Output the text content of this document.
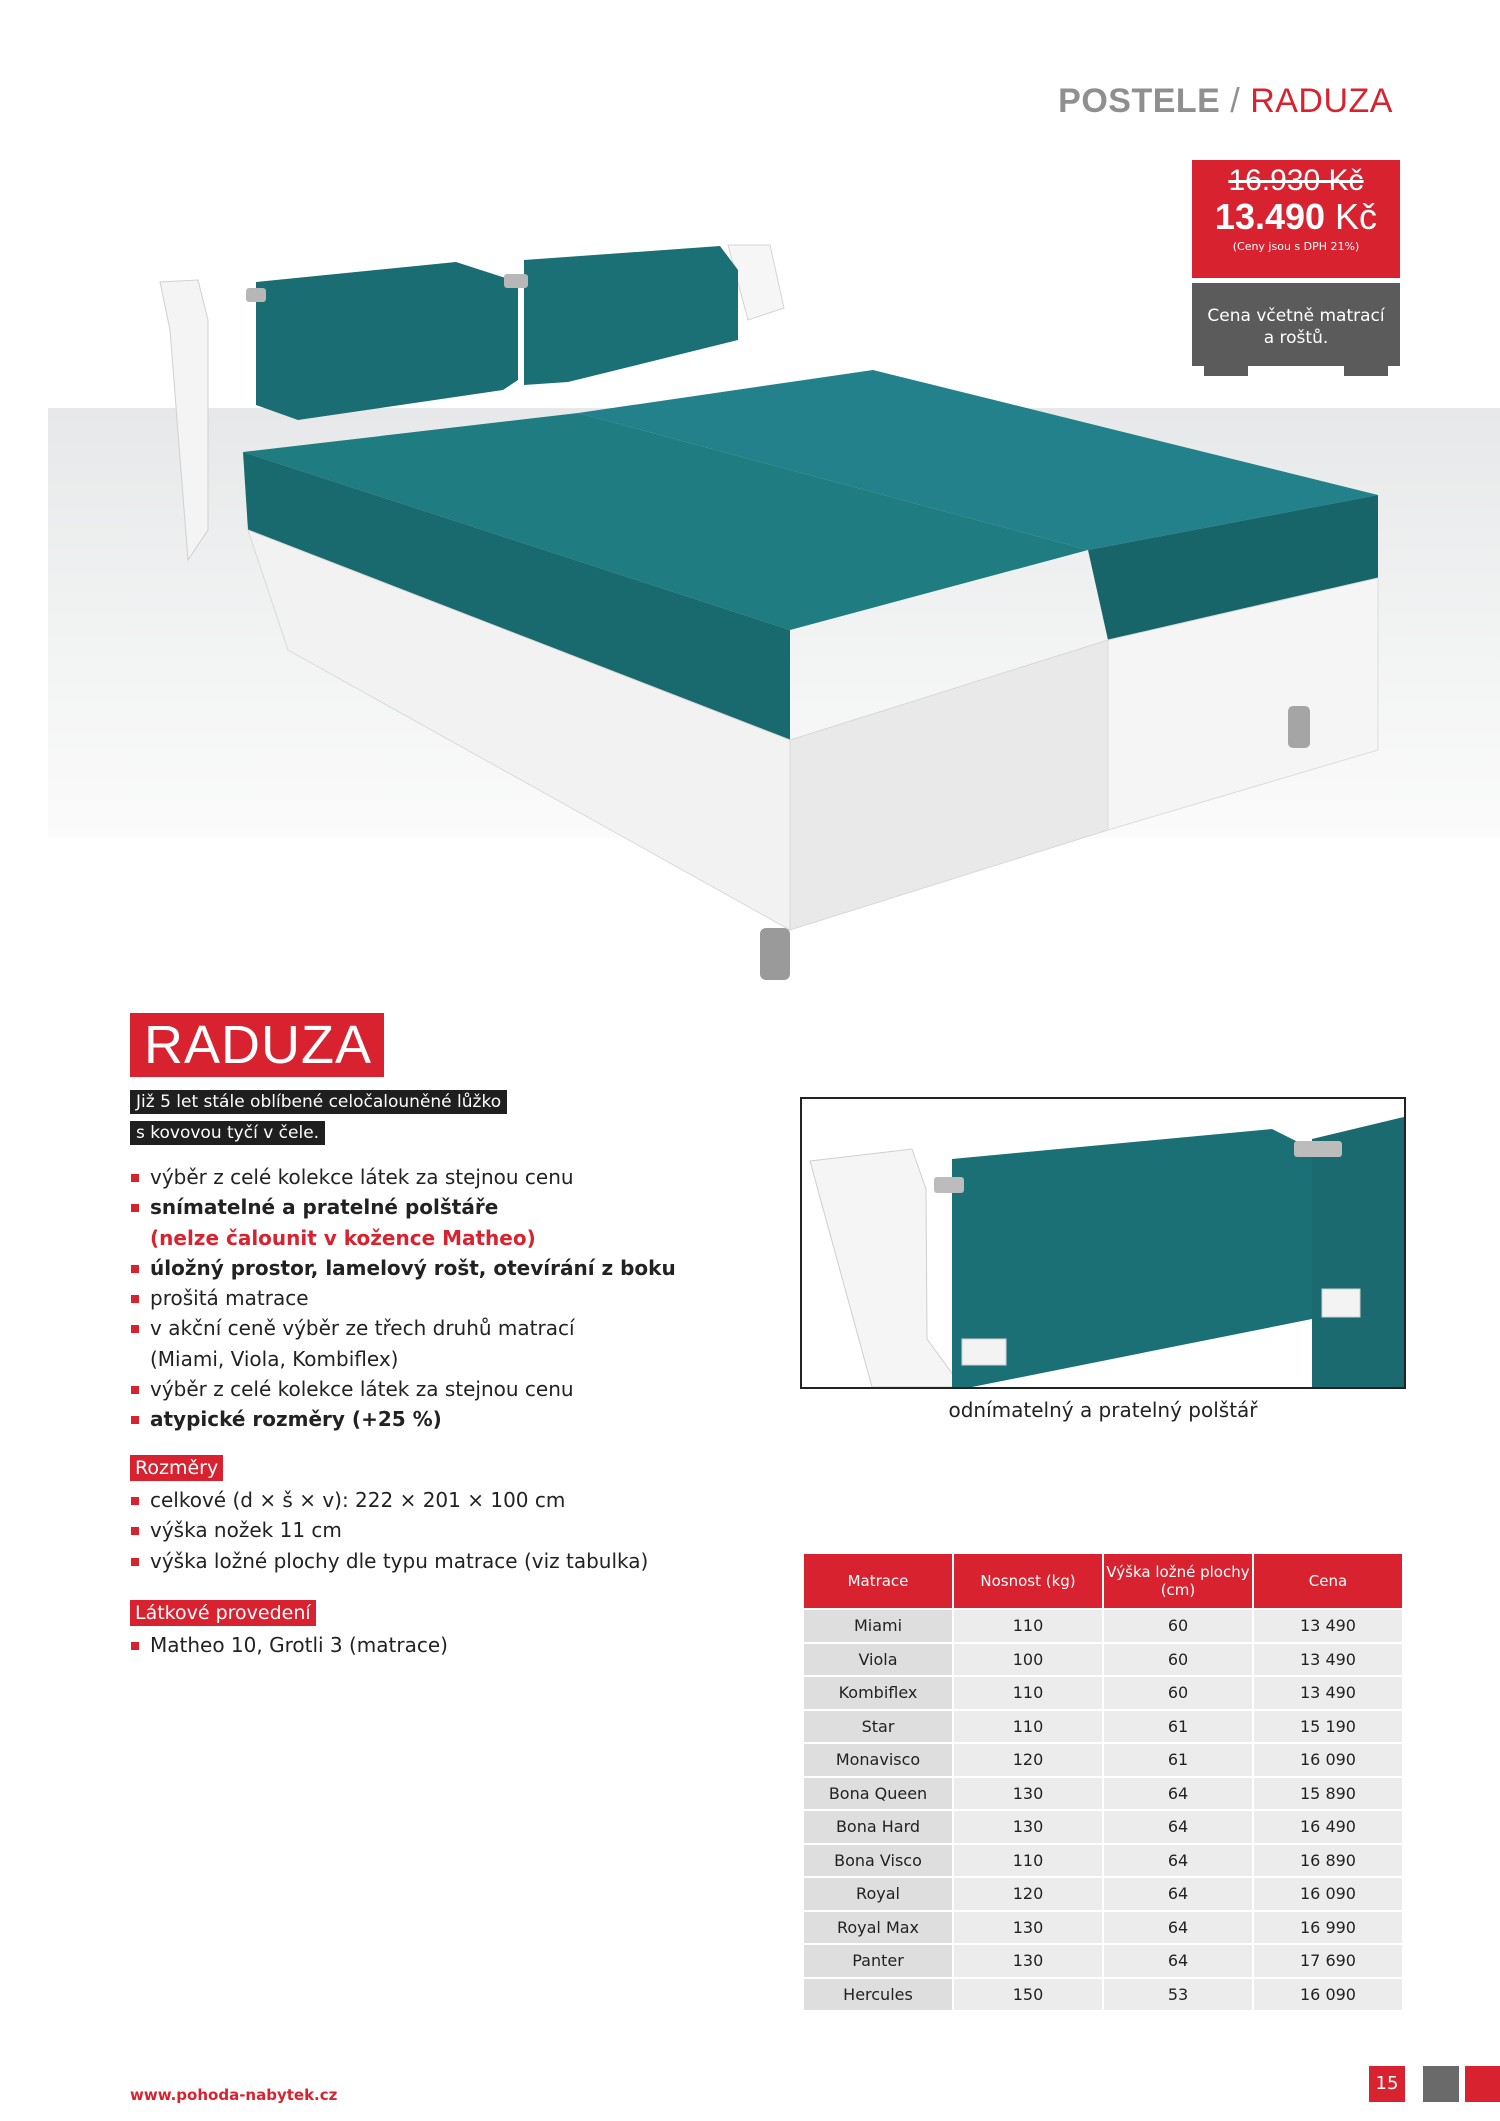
POSTELE / RADUZA
16.930 Kč
13.490 Kč
(Ceny jsou s DPH 21%)
Cena včetně matrací
a roštů.
RADUZA
Již 5 let stále oblíbené celočalouněné lůžko
s kovovou tyčí v čele.
výběr z celé kolekce látek za stejnou cenu
snímatelné a pratelné polštáře
(nelze čalounit v kožence Matheo)
úložný prostor, lamelový rošt, otevírání z boku
prošitá matrace
v akční ceně výběr ze třech druhů matrací
(Miami, Viola, Kombiflex)
výběr z celé kolekce látek za stejnou cenu
atypické rozměry (+25 %)
Rozměry
celkové (d × š × v): 222 × 201 × 100 cm
výška nožek 11 cm
výška ložné plochy dle typu matrace (viz tabulka)
Látkové provedení
Matheo 10, Grotli 3 (matrace)
odnímatelný a pratelný polštář
Matrace	Nosnost (kg)	Výška ložné plochy (cm)	Cena
Miami	110	60	13 490
Viola	100	60	13 490
Kombiflex	110	60	13 490
Star	110	61	15 190
Monavisco	120	61	16 090
Bona Queen	130	64	15 890
Bona Hard	130	64	16 490
Bona Visco	110	64	16 890
Royal	120	64	16 090
Royal Max	130	64	16 990
Panter	130	64	17 690
Hercules	150	53	16 090
www.pohoda-nabytek.cz
15
